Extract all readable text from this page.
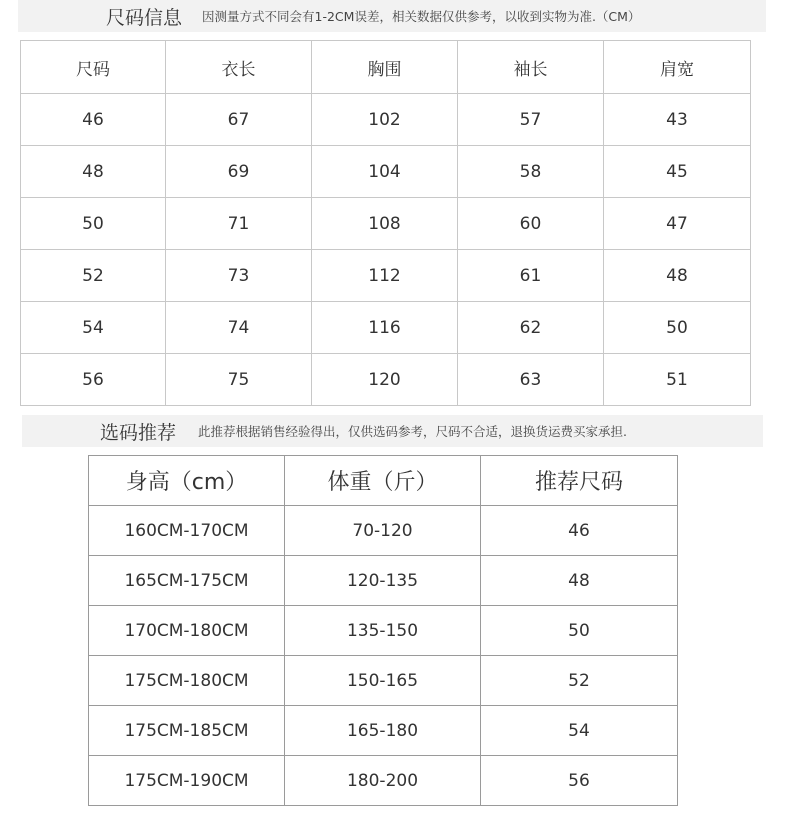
尺码信息 因测量方式不同会有1-2CM误差，相关数据仅供参考，以收到实物为准.（CM）
尺码	衣长	胸围	袖长	肩宽
46	67	102	57	43
48	69	104	58	45
50	71	108	60	47
52	73	112	61	48
54	74	116	62	50
56	75	120	63	51
选码推荐 此推荐根据销售经验得出，仅供选码参考，尺码不合适，退换货运费买家承担.
身高（cm）	体重（斤）	推荐尺码
160CM-170CM	70-120	46
165CM-175CM	120-135	48
170CM-180CM	135-150	50
175CM-180CM	150-165	52
175CM-185CM	165-180	54
175CM-190CM	180-200	56
